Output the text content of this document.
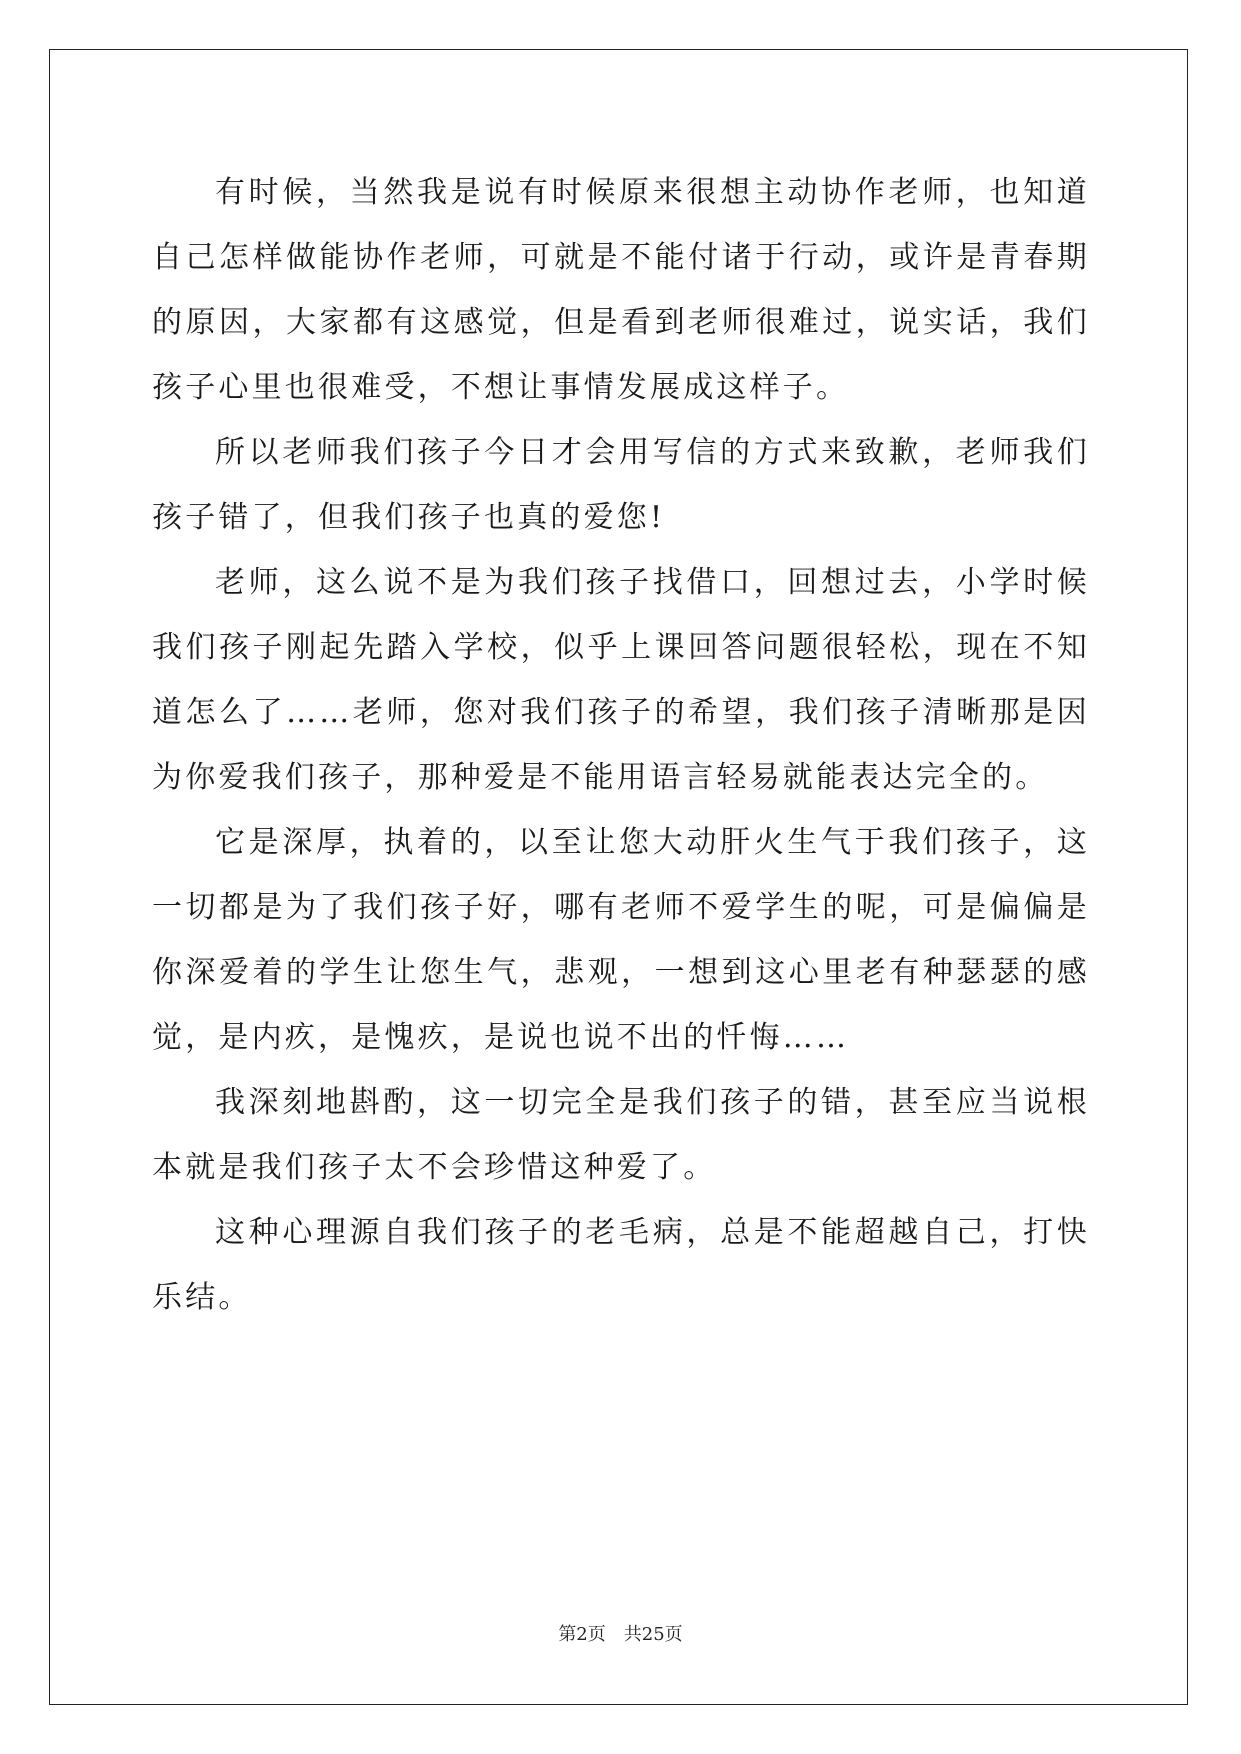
有时候，当然我是说有时候原来很想主动协作老师，也知道自己怎样做能协作老师，可就是不能付诸于行动，或许是青春期的原因，大家都有这感觉，但是看到老师很难过，说实话，我们孩子心里也很难受，不想让事情发展成这样子。

所以老师我们孩子今日才会用写信的方式来致歉，老师我们孩子错了，但我们孩子也真的爱您!

老师，这么说不是为我们孩子找借口，回想过去，小学时候我们孩子刚起先踏入学校，似乎上课回答问题很轻松，现在不知道怎么了……老师，您对我们孩子的希望，我们孩子清晰那是因为你爱我们孩子，那种爱是不能用语言轻易就能表达完全的。

它是深厚，执着的，以至让您大动肝火生气于我们孩子，这一切都是为了我们孩子好，哪有老师不爱学生的呢，可是偏偏是你深爱着的学生让您生气，悲观，一想到这心里老有种瑟瑟的感觉，是内疚，是愧疚，是说也说不出的忏悔……

我深刻地斟酌，这一切完全是我们孩子的错，甚至应当说根本就是我们孩子太不会珍惜这种爱了。

这种心理源自我们孩子的老毛病，总是不能超越自己，打快乐结。

第2页 共25页
